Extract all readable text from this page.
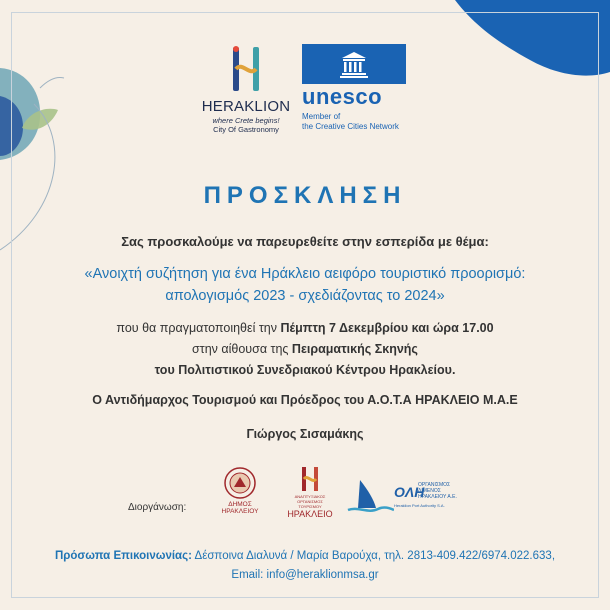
HERAKLION
where Crete begins!
City Of Gastronomy
unesco
Member of
the Creative Cities Network
ΠΡΟΣΚΛΗΣΗ
Σας προσκαλούμε να παρευρεθείτε στην εσπερίδα με θέμα:
«Ανοιχτή συζήτηση για ένα Ηράκλειο αειφόρο τουριστικό προορισμό:
απολογισμός 2023 - σχεδιάζοντας το 2024»
που θα πραγματοποιηθεί την Πέμπτη 7 Δεκεμβρίου και ώρα 17.00
στην αίθουσα της Πειραματικής Σκηνής
του Πολιτιστικού Συνεδριακού Κέντρου Ηρακλείου.
Ο Αντιδήμαρχος Τουρισμού και Πρόεδρος του Α.Ο.Τ.Α ΗΡΑΚΛΕΙΟ Μ.Α.Ε
Γιώργος Σισαμάκης
Διοργάνωση:	ΔΗΜΟΣ
ΗΡΑΚΛΕΙΟΥ
ΑΝΑΠΤΥΞΙΑΚΟΣ
ΟΡΓΑΝΙΣΜΟΣ
ΤΟΥΡΙΣΜΟΥ
ΗΡΑΚΛΕΙΟ
ΟΛΗ
ΟΡΓΑΝΙΣΜΟΣ
ΛΙΜΕΝΟΣ
ΗΡΑΚΛΕΙΟΥ Α.Ε.
Heraklion Port Authority S.A.
Πρόσωπα Επικοινωνίας: Δέσποινα Διαλυνά / Μαρία Βαρούχα, τηλ. 2813-409.422/6974.022.633,
Email: info@heraklionmsa.gr
